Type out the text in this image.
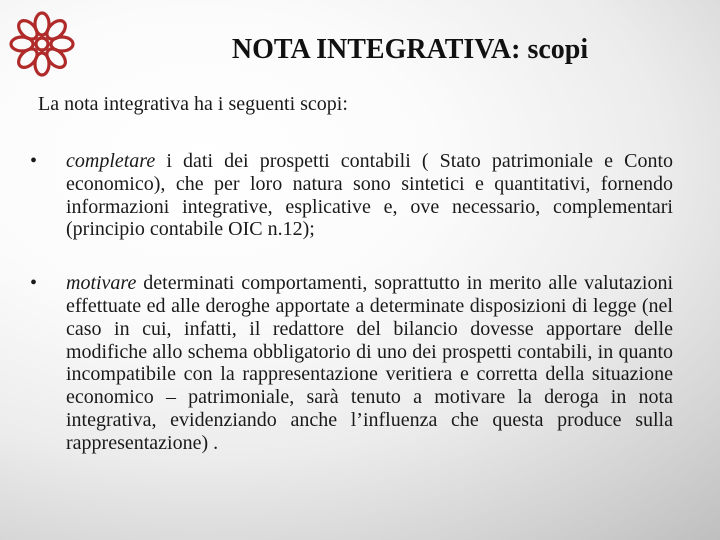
NOTA INTEGRATIVA: scopi

La nota integrativa ha i seguenti scopi:

• completare i dati dei prospetti contabili ( Stato patrimoniale e Conto economico), che per loro natura sono sintetici e quantitativi, fornendo informazioni integrative, esplicative e, ove necessario, complementari (principio contabile OIC n.12);
• motivare determinati comportamenti, soprattutto in merito alle valutazioni effettuate ed alle deroghe apportate a determinate disposizioni di legge (nel caso in cui, infatti, il redattore del bilancio dovesse apportare delle modifiche allo schema obbligatorio di uno dei prospetti contabili, in quanto incompatibile con la rappresentazione veritiera e corretta della situazione economico – patrimoniale, sarà tenuto a motivare la deroga in nota integrativa, evidenziando anche l’influenza che questa produce sulla rappresentazione) .
